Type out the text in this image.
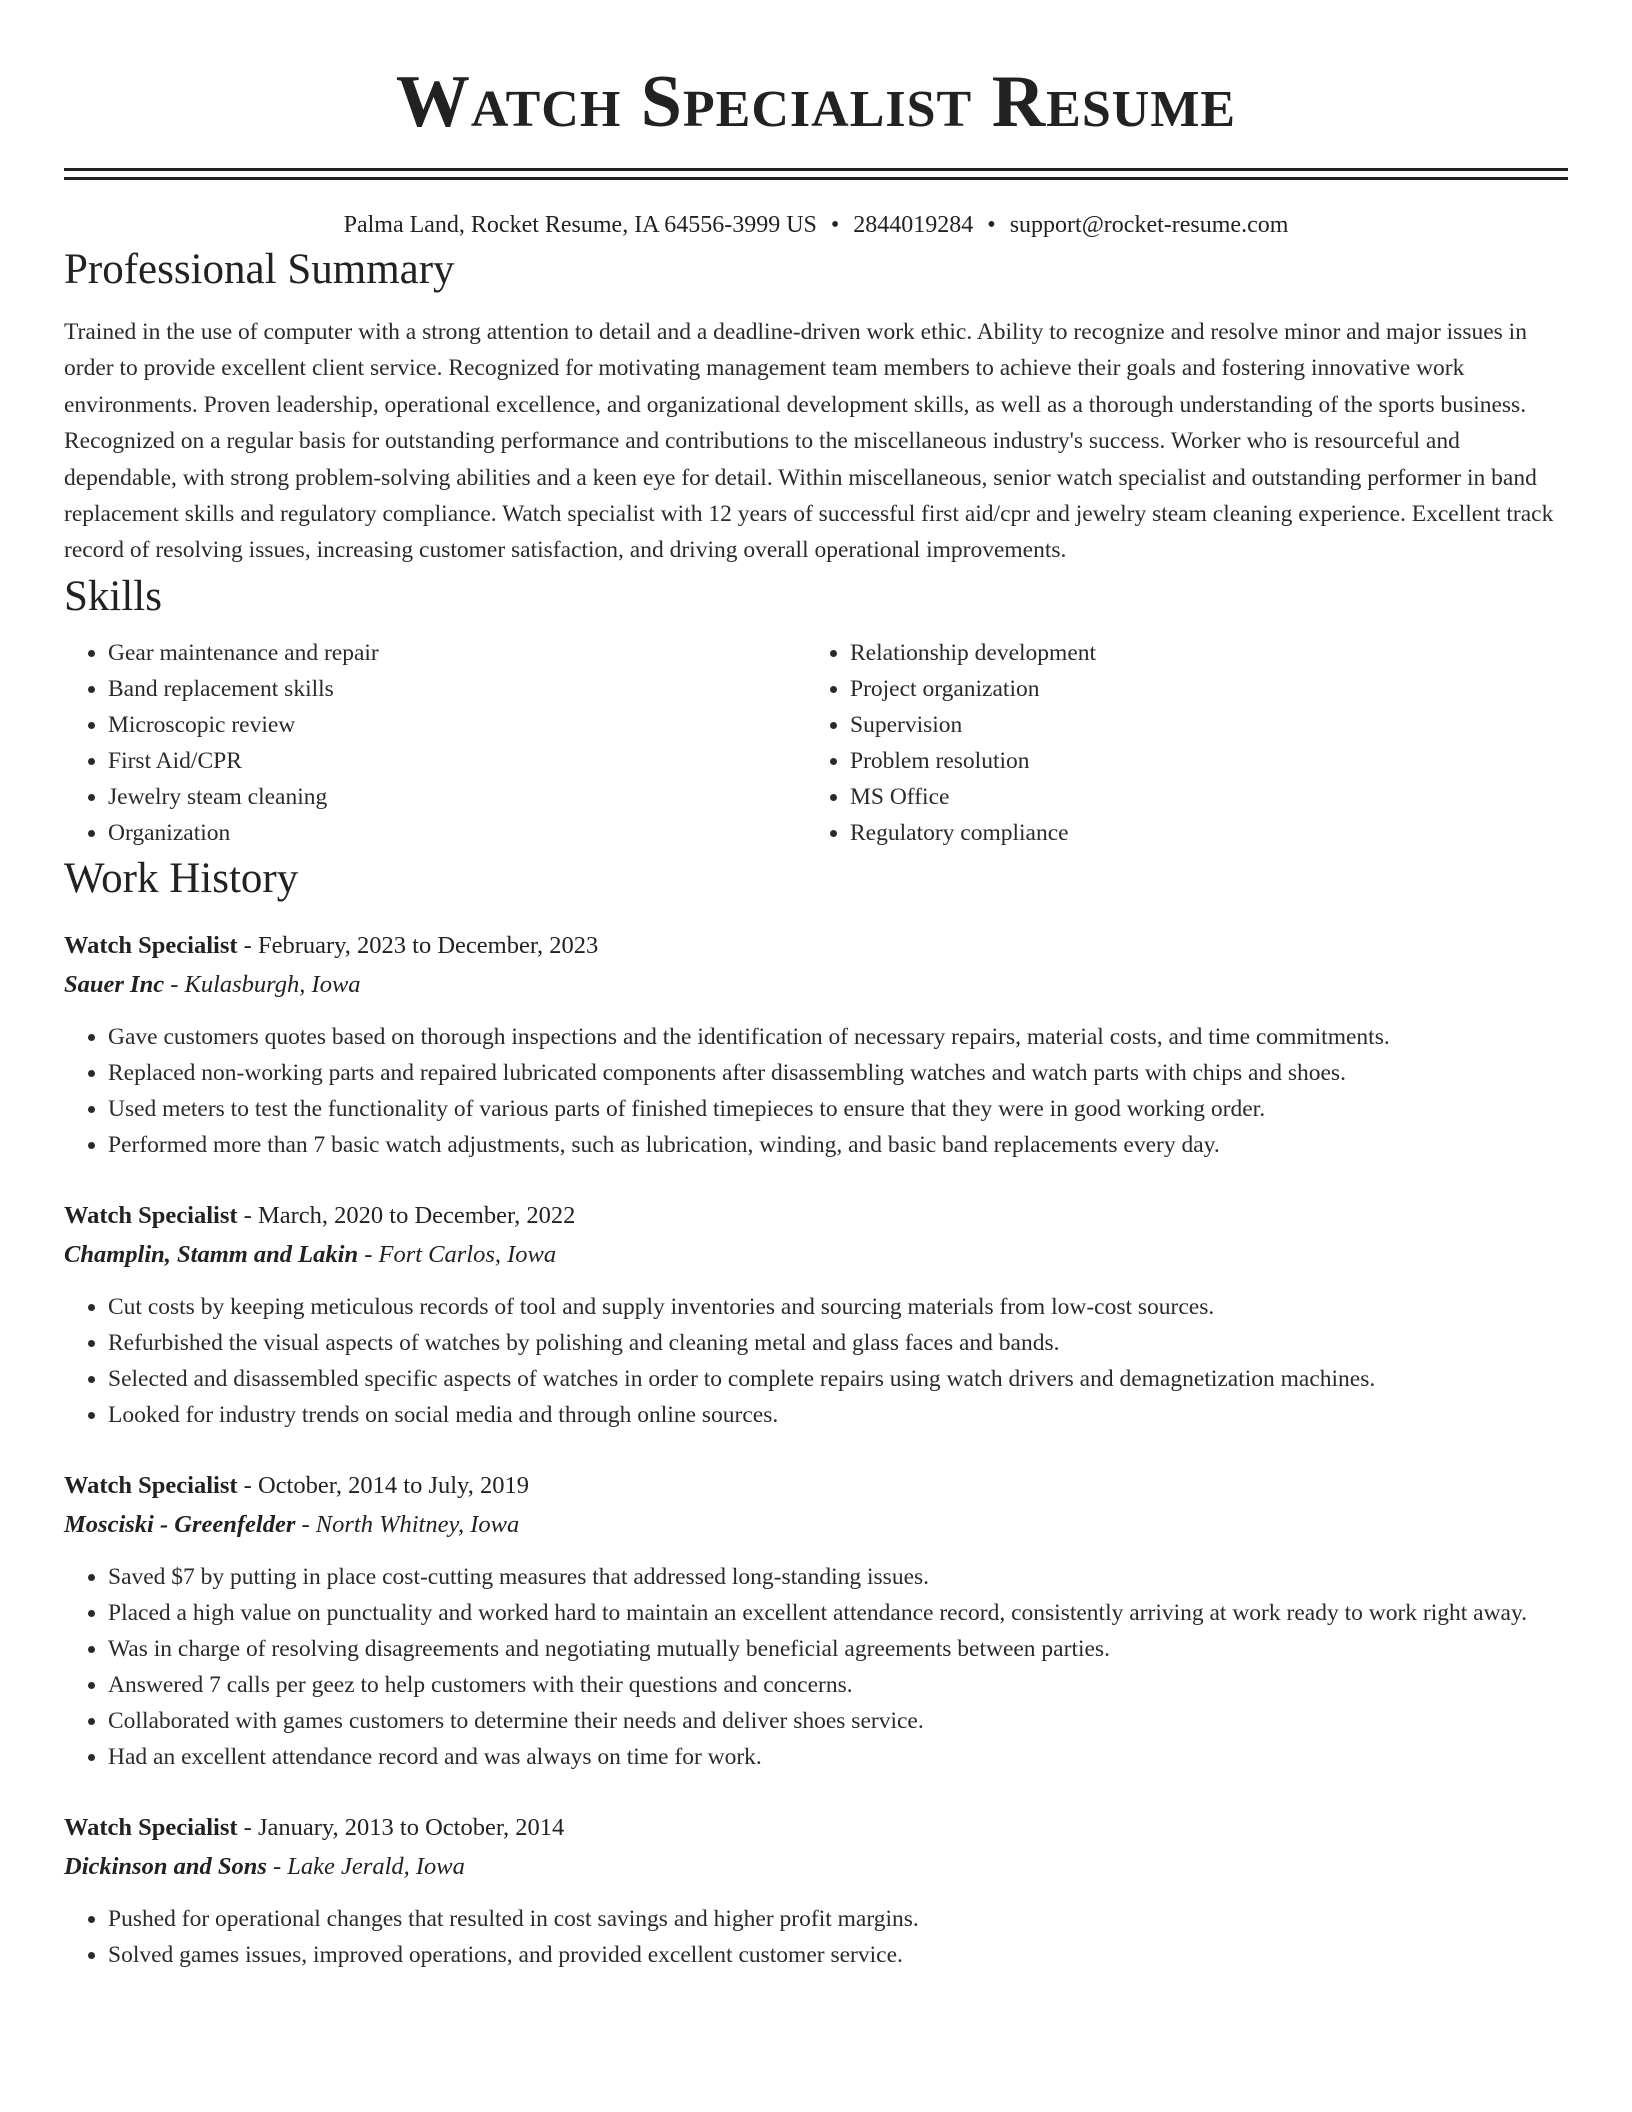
Watch Specialist Resume
Palma Land, Rocket Resume, IA 64556-3999 US • 2844019284 • support@rocket-resume.com
Professional Summary

Trained in the use of computer with a strong attention to detail and a deadline-driven work ethic. Ability to recognize and resolve minor and major issues in order to provide excellent client service. Recognized for motivating management team members to achieve their goals and fostering innovative work environments. Proven leadership, operational excellence, and organizational development skills, as well as a thorough understanding of the sports business. Recognized on a regular basis for outstanding performance and contributions to the miscellaneous industry's success. Worker who is resourceful and dependable, with strong problem-solving abilities and a keen eye for detail. Within miscellaneous, senior watch specialist and outstanding performer in band replacement skills and regulatory compliance. Watch specialist with 12 years of successful first aid/cpr and jewelry steam cleaning experience. Excellent track record of resolving issues, increasing customer satisfaction, and driving overall operational improvements.

Skills
• Gear maintenance and repair
• Band replacement skills
• Microscopic review
• First Aid/CPR
• Jewelry steam cleaning
• Organization
• Relationship development
• Project organization
• Supervision
• Problem resolution
• MS Office
• Regulatory compliance
Work History
Watch Specialist - February, 2023 to December, 2023
Sauer Inc - Kulasburgh, Iowa
• Gave customers quotes based on thorough inspections and the identification of necessary repairs, material costs, and time commitments.
• Replaced non-working parts and repaired lubricated components after disassembling watches and watch parts with chips and shoes.
• Used meters to test the functionality of various parts of finished timepieces to ensure that they were in good working order.
• Performed more than 7 basic watch adjustments, such as lubrication, winding, and basic band replacements every day.
Watch Specialist - March, 2020 to December, 2022
Champlin, Stamm and Lakin - Fort Carlos, Iowa
• Cut costs by keeping meticulous records of tool and supply inventories and sourcing materials from low-cost sources.
• Refurbished the visual aspects of watches by polishing and cleaning metal and glass faces and bands.
• Selected and disassembled specific aspects of watches in order to complete repairs using watch drivers and demagnetization machines.
• Looked for industry trends on social media and through online sources.
Watch Specialist - October, 2014 to July, 2019
Mosciski - Greenfelder - North Whitney, Iowa
• Saved $7 by putting in place cost-cutting measures that addressed long-standing issues.
• Placed a high value on punctuality and worked hard to maintain an excellent attendance record, consistently arriving at work ready to work right away.
• Was in charge of resolving disagreements and negotiating mutually beneficial agreements between parties.
• Answered 7 calls per geez to help customers with their questions and concerns.
• Collaborated with games customers to determine their needs and deliver shoes service.
• Had an excellent attendance record and was always on time for work.
Watch Specialist - January, 2013 to October, 2014
Dickinson and Sons - Lake Jerald, Iowa
• Pushed for operational changes that resulted in cost savings and higher profit margins.
• Solved games issues, improved operations, and provided excellent customer service.
